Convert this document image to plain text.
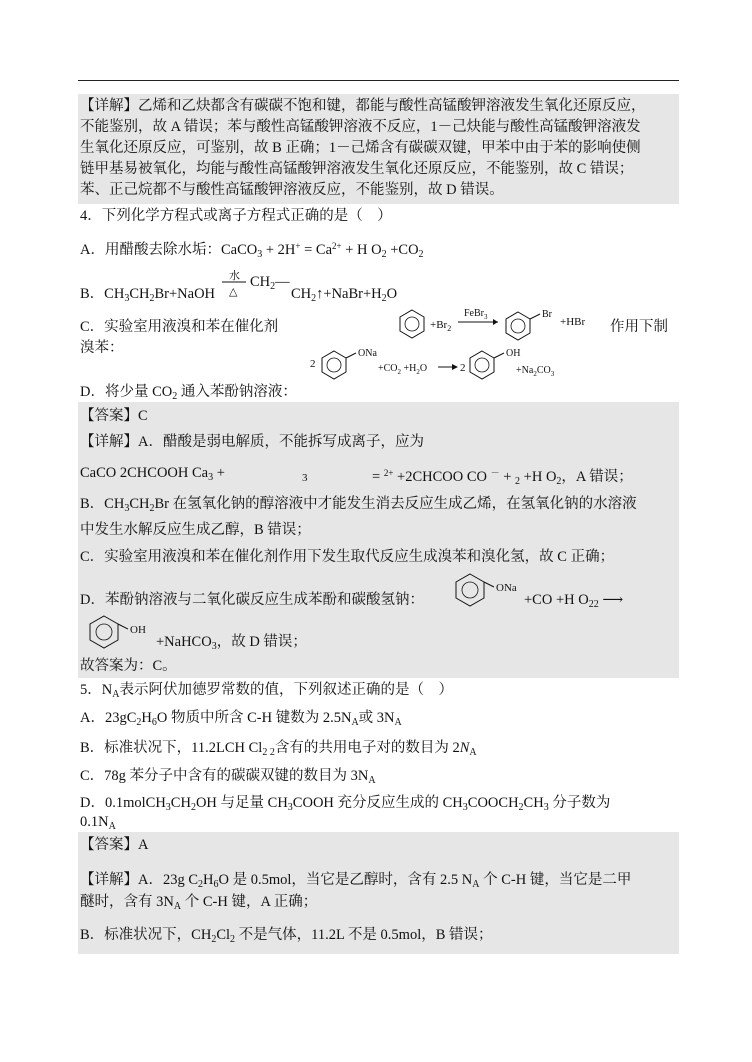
【详解】乙烯和乙炔都含有碳碳不饱和键，都能与酸性高锰酸钾溶液发生氧化还原反应，
不能鉴别，故 A 错误；苯与酸性高锰酸钾溶液不反应，1－己炔能与酸性高锰酸钾溶液发
生氧化还原反应，可鉴别，故 B 正确；1－己烯含有碳碳双键，甲苯中由于苯的影响使侧
链甲基易被氧化，均能与酸性高锰酸钾溶液发生氧化还原反应，不能鉴别，故 C 错误；
苯、正己烷都不与酸性高锰酸钾溶液反应，不能鉴别，故 D 错误。
4．下列化学方程式或离子方程式正确的是（　）
A．用醋酸去除水垢：CaCO$_3$ + $2H^+ = Ca^{2+} + H$ $O_2 +CO_2$
B．$CH_3CH_2Br+NaOH$
水
△
$CH_2—$
$CH_2↑+NaBr+H_2O$
C．实验室用液溴和苯在催化剂
溴苯：
$+Br_2$
FeBr$_3$	Br
+HBr 作用下制
2
ONa
$+CO_2 +H_2O$	2
OH
$+Na_2CO_3$
D．将少量 $CO_2$ 通入苯酚钠溶液：
【答案】C
【详解】A．醋酸是弱电解质，不能拆写成离子，应为
CaCO 2CHCOOH $Ca_3$ +	3	= $^{2+}$ +2CHCOO CO － + $_2$ +H $O_2$，A 错误；
B．$CH_3CH_2Br$ 在氢氧化钠的醇溶液中才能发生消去反应生成乙烯，在氢氧化钠的水溶液
中发生水解反应生成乙醇，B 错误；
C．实验室用液溴和苯在催化剂作用下发生取代反应生成溴苯和溴化氢，故 C 正确；
D．苯酚钠溶液与二氧化碳反应生成苯酚和碳酸氢钠：
ONa
+CO +H $O_{22}$ ⟶
OH
+NaHCO$_3$，故 D 错误；
故答案为：C。
5．$N_A$表示阿伏加德罗常数的值，下列叙述正确的是（　）
A．$23gC_2H_6O$ 物质中所含 C-H 键数为 $2.5N_A$或 $3N_A$
B．标准状况下，11.2LCH $Cl_{2 2}$含有的共用电子对的数目为 $2N_A$
C．78g 苯分子中含有的碳碳双键的数目为 $3N_A$
D．$0.1molCH_3CH_2OH$ 与足量 $CH_3COOH$ 充分反应生成的 $CH_3COOCH_2CH_3$ 分子数为
$0.1N_A$
【答案】A
【详解】A．23g $C_2H_6O$ 是 0.5mol，当它是乙醇时，含有 2.5 $N_A$ 个 C-H 键，当它是二甲
醚时，含有 $3N_A$ 个 C-H 键，A 正确；
B．标准状况下，$CH_2Cl_2$ 不是气体，11.2L 不是 0.5mol，B 错误；
